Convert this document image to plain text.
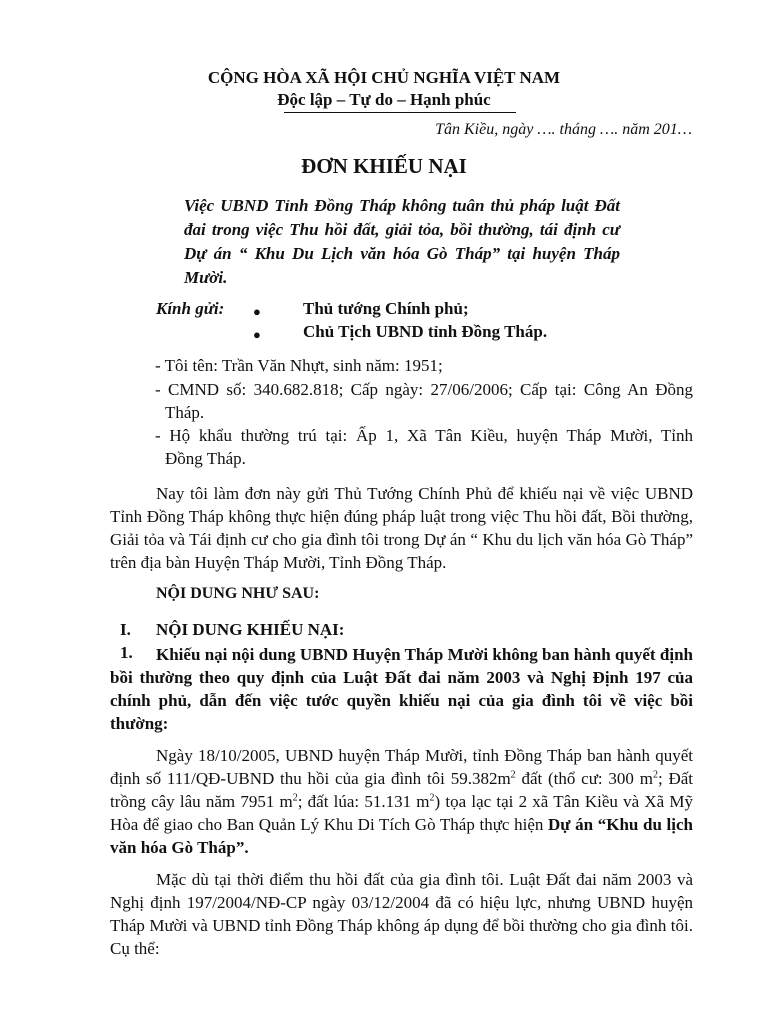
CỘNG HÒA XÃ HỘI CHỦ NGHĨA VIỆT NAM

Độc lập – Tự do – Hạnh phúc

Tân Kiều, ngày …. tháng …. năm 201…

ĐƠN KHIẾU NẠI

Việc UBND Tỉnh Đồng Tháp không tuân thủ pháp luật Đất đai trong việc Thu hồi đất, giải tỏa, bồi thường, tái định cư Dự án “ Khu Du Lịch văn hóa Gò Tháp” tại huyện Tháp Mười.

Kính gửi: ● Thủ tướng Chính phủ;

● Chủ Tịch UBND tỉnh Đồng Tháp.

- Tôi tên: Trần Văn Nhựt, sinh năm: 1951;

- CMND số: 340.682.818; Cấp ngày: 27/06/2006; Cấp tại: Công An Đồng

Tháp.

- Hộ khẩu thường trú tại: Ấp 1, Xã Tân Kiều, huyện Tháp Mười, Tỉnh

Đồng Tháp.

Nay tôi làm đơn này gửi Thủ Tướng Chính Phủ để khiếu nại về việc UBND Tỉnh Đồng Tháp không thực hiện đúng pháp luật trong việc Thu hồi đất, Bồi thường, Giải tỏa và Tái định cư cho gia đình tôi trong Dự án “ Khu du lịch văn hóa Gò Tháp” trên địa bàn Huyện Tháp Mười, Tỉnh Đồng Tháp.

NỘI DUNG NHƯ SAU:

I. NỘI DUNG KHIẾU NẠI:

1.	Khiếu nại nội dung UBND Huyện Tháp Mười không ban hành quyết định bồi thường theo quy định của Luật Đất đai năm 2003 và Nghị Định 197 của chính phủ, dẫn đến việc tước quyền khiếu nại của gia đình tôi về việc bồi thường:

Ngày 18/10/2005, UBND huyện Tháp Mười, tỉnh Đồng Tháp ban hành quyết định số 111/QĐ-UBND thu hồi của gia đình tôi $59.382m^2$ đất (thổ cư: 300 $m^2$; Đất trồng cây lâu năm 7951 $m^2$; đất lúa: 51.131 $m^2$) tọa lạc tại 2 xã Tân Kiều và Xã Mỹ Hòa để giao cho Ban Quản Lý Khu Di Tích Gò Tháp thực hiện Dự án “Khu du lịch văn hóa Gò Tháp”.

Mặc dù tại thời điểm thu hồi đất của gia đình tôi. Luật Đất đai năm 2003 và Nghị định 197/2004/NĐ-CP ngày 03/12/2004 đã có hiệu lực, nhưng UBND huyện Tháp Mười và UBND tỉnh Đồng Tháp không áp dụng để bồi thường cho gia đình tôi. Cụ thể:
